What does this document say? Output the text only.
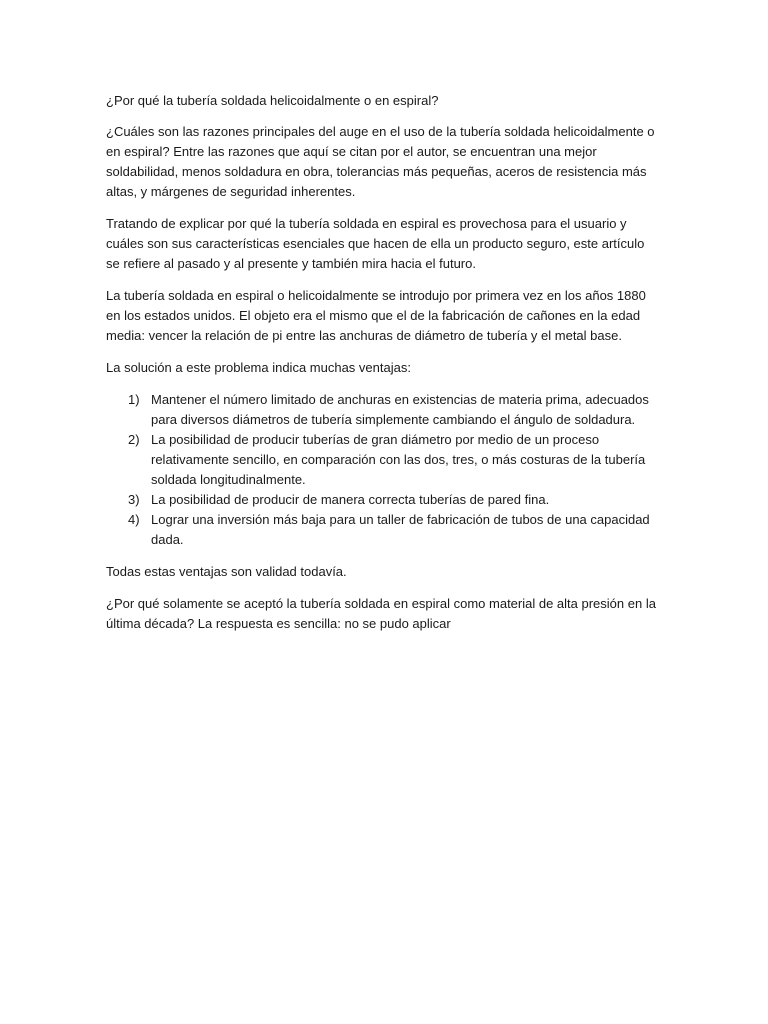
¿Por qué la tubería soldada helicoidalmente o en espiral?

¿Cuáles son las razones principales del auge en el uso de la tubería soldada helicoidalmente o en espiral? Entre las razones que aquí se citan por el autor, se encuentran una mejor soldabilidad, menos soldadura en obra, tolerancias más pequeñas, aceros de resistencia más altas, y márgenes de seguridad inherentes.

Tratando de explicar por qué la tubería soldada en espiral es provechosa para el usuario y cuáles son sus características esenciales que hacen de ella un producto seguro, este artículo se refiere al pasado y al presente y también mira hacia el futuro.

La tubería soldada en espiral o helicoidalmente se introdujo por primera vez en los años 1880 en los estados unidos. El objeto era el mismo que el de la fabricación de cañones en la edad media: vencer la relación de pi entre las anchuras de diámetro de tubería y el metal base.

La solución a este problema indica muchas ventajas:

1) Mantener el número limitado de anchuras en existencias de materia prima, adecuados para diversos diámetros de tubería simplemente cambiando el ángulo de soldadura.
2) La posibilidad de producir tuberías de gran diámetro por medio de un proceso relativamente sencillo, en comparación con las dos, tres, o más costuras de la tubería soldada longitudinalmente.
3) La posibilidad de producir de manera correcta tuberías de pared fina.
4) Lograr una inversión más baja para un taller de fabricación de tubos de una capacidad dada.

Todas estas ventajas son validad todavía.

¿Por qué solamente se aceptó la tubería soldada en espiral como material de alta presión en la última década? La respuesta es sencilla: no se pudo aplicar
